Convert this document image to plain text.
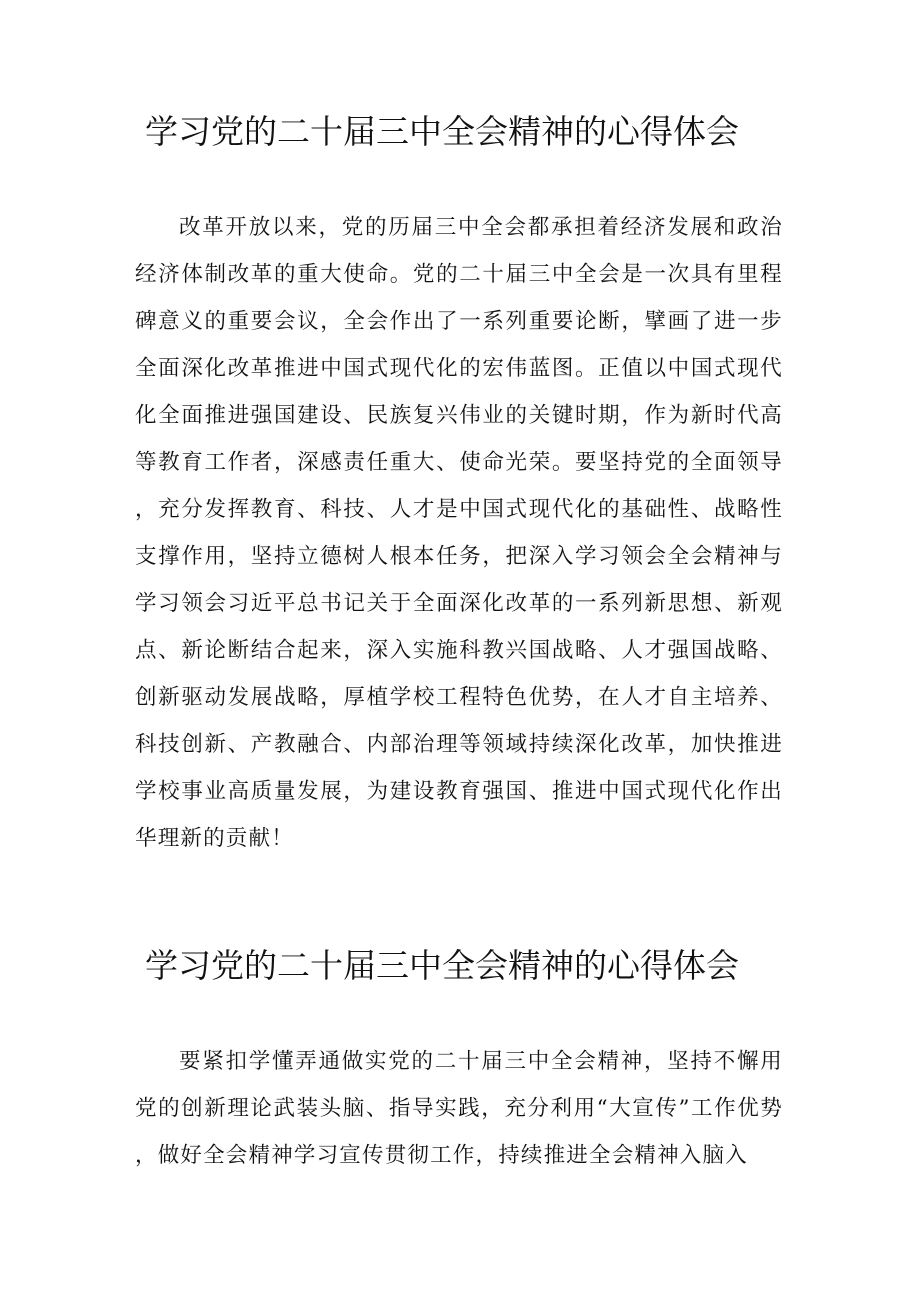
学习党的二十届三中全会精神的心得体会

改革开放以来，党的历届三中全会都承担着经济发展和政治经济体制改革的重大使命。党的二十届三中全会是一次具有里程碑意义的重要会议，全会作出了一系列重要论断，擘画了进一步全面深化改革推进中国式现代化的宏伟蓝图。正值以中国式现代化全面推进强国建设、民族复兴伟业的关键时期，作为新时代高等教育工作者，深感责任重大、使命光荣。要坚持党的全面领导，充分发挥教育、科技、人才是中国式现代化的基础性、战略性支撑作用，坚持立德树人根本任务，把深入学习领会全会精神与学习领会习近平总书记关于全面深化改革的一系列新思想、新观点、新论断结合起来，深入实施科教兴国战略、人才强国战略、创新驱动发展战略，厚植学校工程特色优势，在人才自主培养、科技创新、产教融合、内部治理等领域持续深化改革，加快推进学校事业高质量发展，为建设教育强国、推进中国式现代化作出华理新的贡献！

学习党的二十届三中全会精神的心得体会

要紧扣学懂弄通做实党的二十届三中全会精神，坚持不懈用党的创新理论武装头脑、指导实践，充分利用“大宣传”工作优势，做好全会精神学习宣传贯彻工作，持续推进全会精神入脑入
